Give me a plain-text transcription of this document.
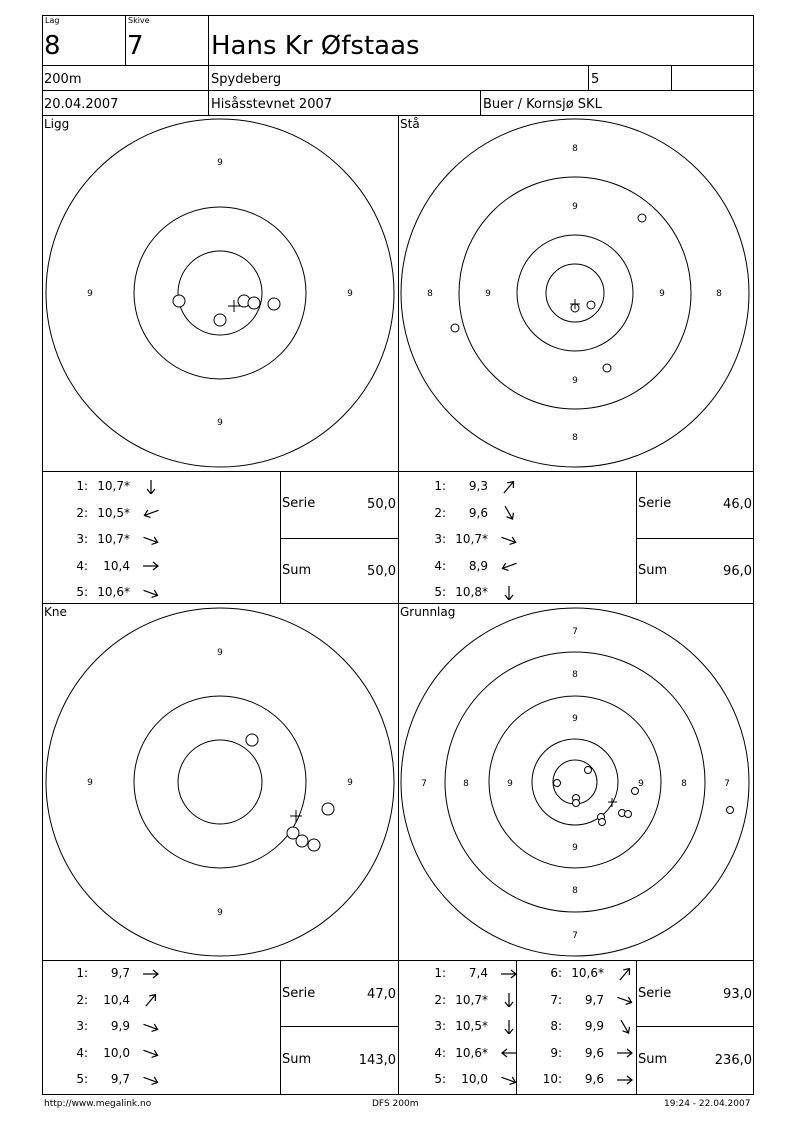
Lag
8
Skive
7	Hans Kr Øfstaas
200m	Spydeberg	5
20.04.2007	Hisåsstevnet 2007	Buer / Kornsjø SKL
Ligg	Stå
Kne	Grunnlag
9
9	9
9
8
9
8	9	9	8
9
8
9
9	9
9
7
8
9
7	8	9	9	8	7
9
8
7
1: 10,7*
2: 10,5*
3: 10,7*
4: 10,4
5: 10,6*
1: 9,3
2: 9,6
3: 10,7*
4: 8,9
5: 10,8*
1: 9,7
2: 10,4
3: 9,9
4: 10,0
5: 9,7
1: 7,4
2: 10,7*
3: 10,5*
4: 10,6*
5: 10,0
6: 10,6*
7: 9,7
8: 9,9
9: 9,6
10: 9,6
Serie	50,0
Sum	50,0
Serie	46,0
Sum	96,0
Serie	47,0
Sum	143,0
Serie	93,0
Sum	236,0
http://www.megalink.no	DFS 200m	19:24 - 22.04.2007
